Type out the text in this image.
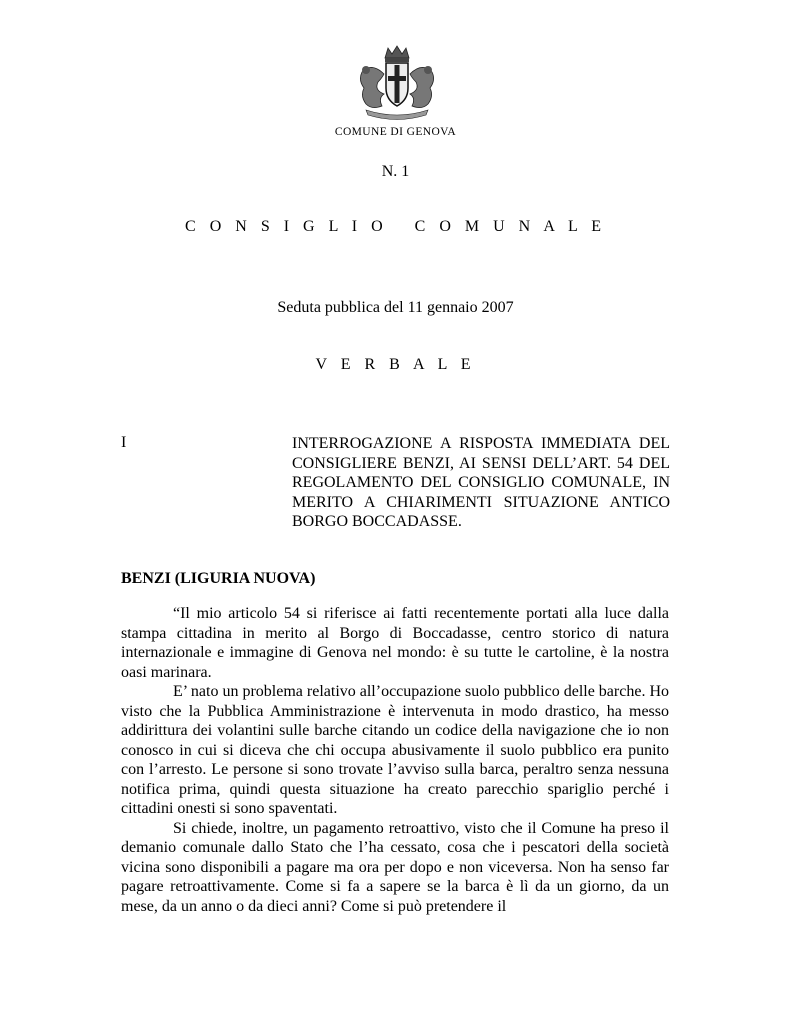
COMUNE DI GENOVA
N. 1
C O N S I G L I O   C O M U N A L E
Seduta pubblica del 11 gennaio 2007
V E R B A L E
I	INTERROGAZIONE A RISPOSTA IMMEDIATA DEL CONSIGLIERE BENZI, AI SENSI DELL’ART. 54 DEL REGOLAMENTO DEL CONSIGLIO COMUNALE, IN MERITO A CHIARIMENTI SITUAZIONE ANTICO BORGO BOCCADASSE.
BENZI (LIGURIA NUOVA)

“Il mio articolo 54 si riferisce ai fatti recentemente portati alla luce dalla stampa cittadina in merito al Borgo di Boccadasse, centro storico di natura internazionale e immagine di Genova nel mondo: è su tutte le cartoline, è la nostra oasi marinara.

E’ nato un problema relativo all’occupazione suolo pubblico delle barche. Ho visto che la Pubblica Amministrazione è intervenuta in modo drastico, ha messo addirittura dei volantini sulle barche citando un codice della navigazione che io non conosco in cui si diceva che chi occupa abusivamente il suolo pubblico era punito con l’arresto. Le persone si sono trovate l’avviso sulla barca, peraltro senza nessuna notifica prima, quindi questa situazione ha creato parecchio spariglio perché i cittadini onesti si sono spaventati.

Si chiede, inoltre, un pagamento retroattivo, visto che il Comune ha preso il demanio comunale dallo Stato che l’ha cessato, cosa che i pescatori della società vicina sono disponibili a pagare ma ora per dopo e non viceversa. Non ha senso far pagare retroattivamente. Come si fa a sapere se la barca è lì da un giorno, da un mese, da un anno o da dieci anni? Come si può pretendere il
